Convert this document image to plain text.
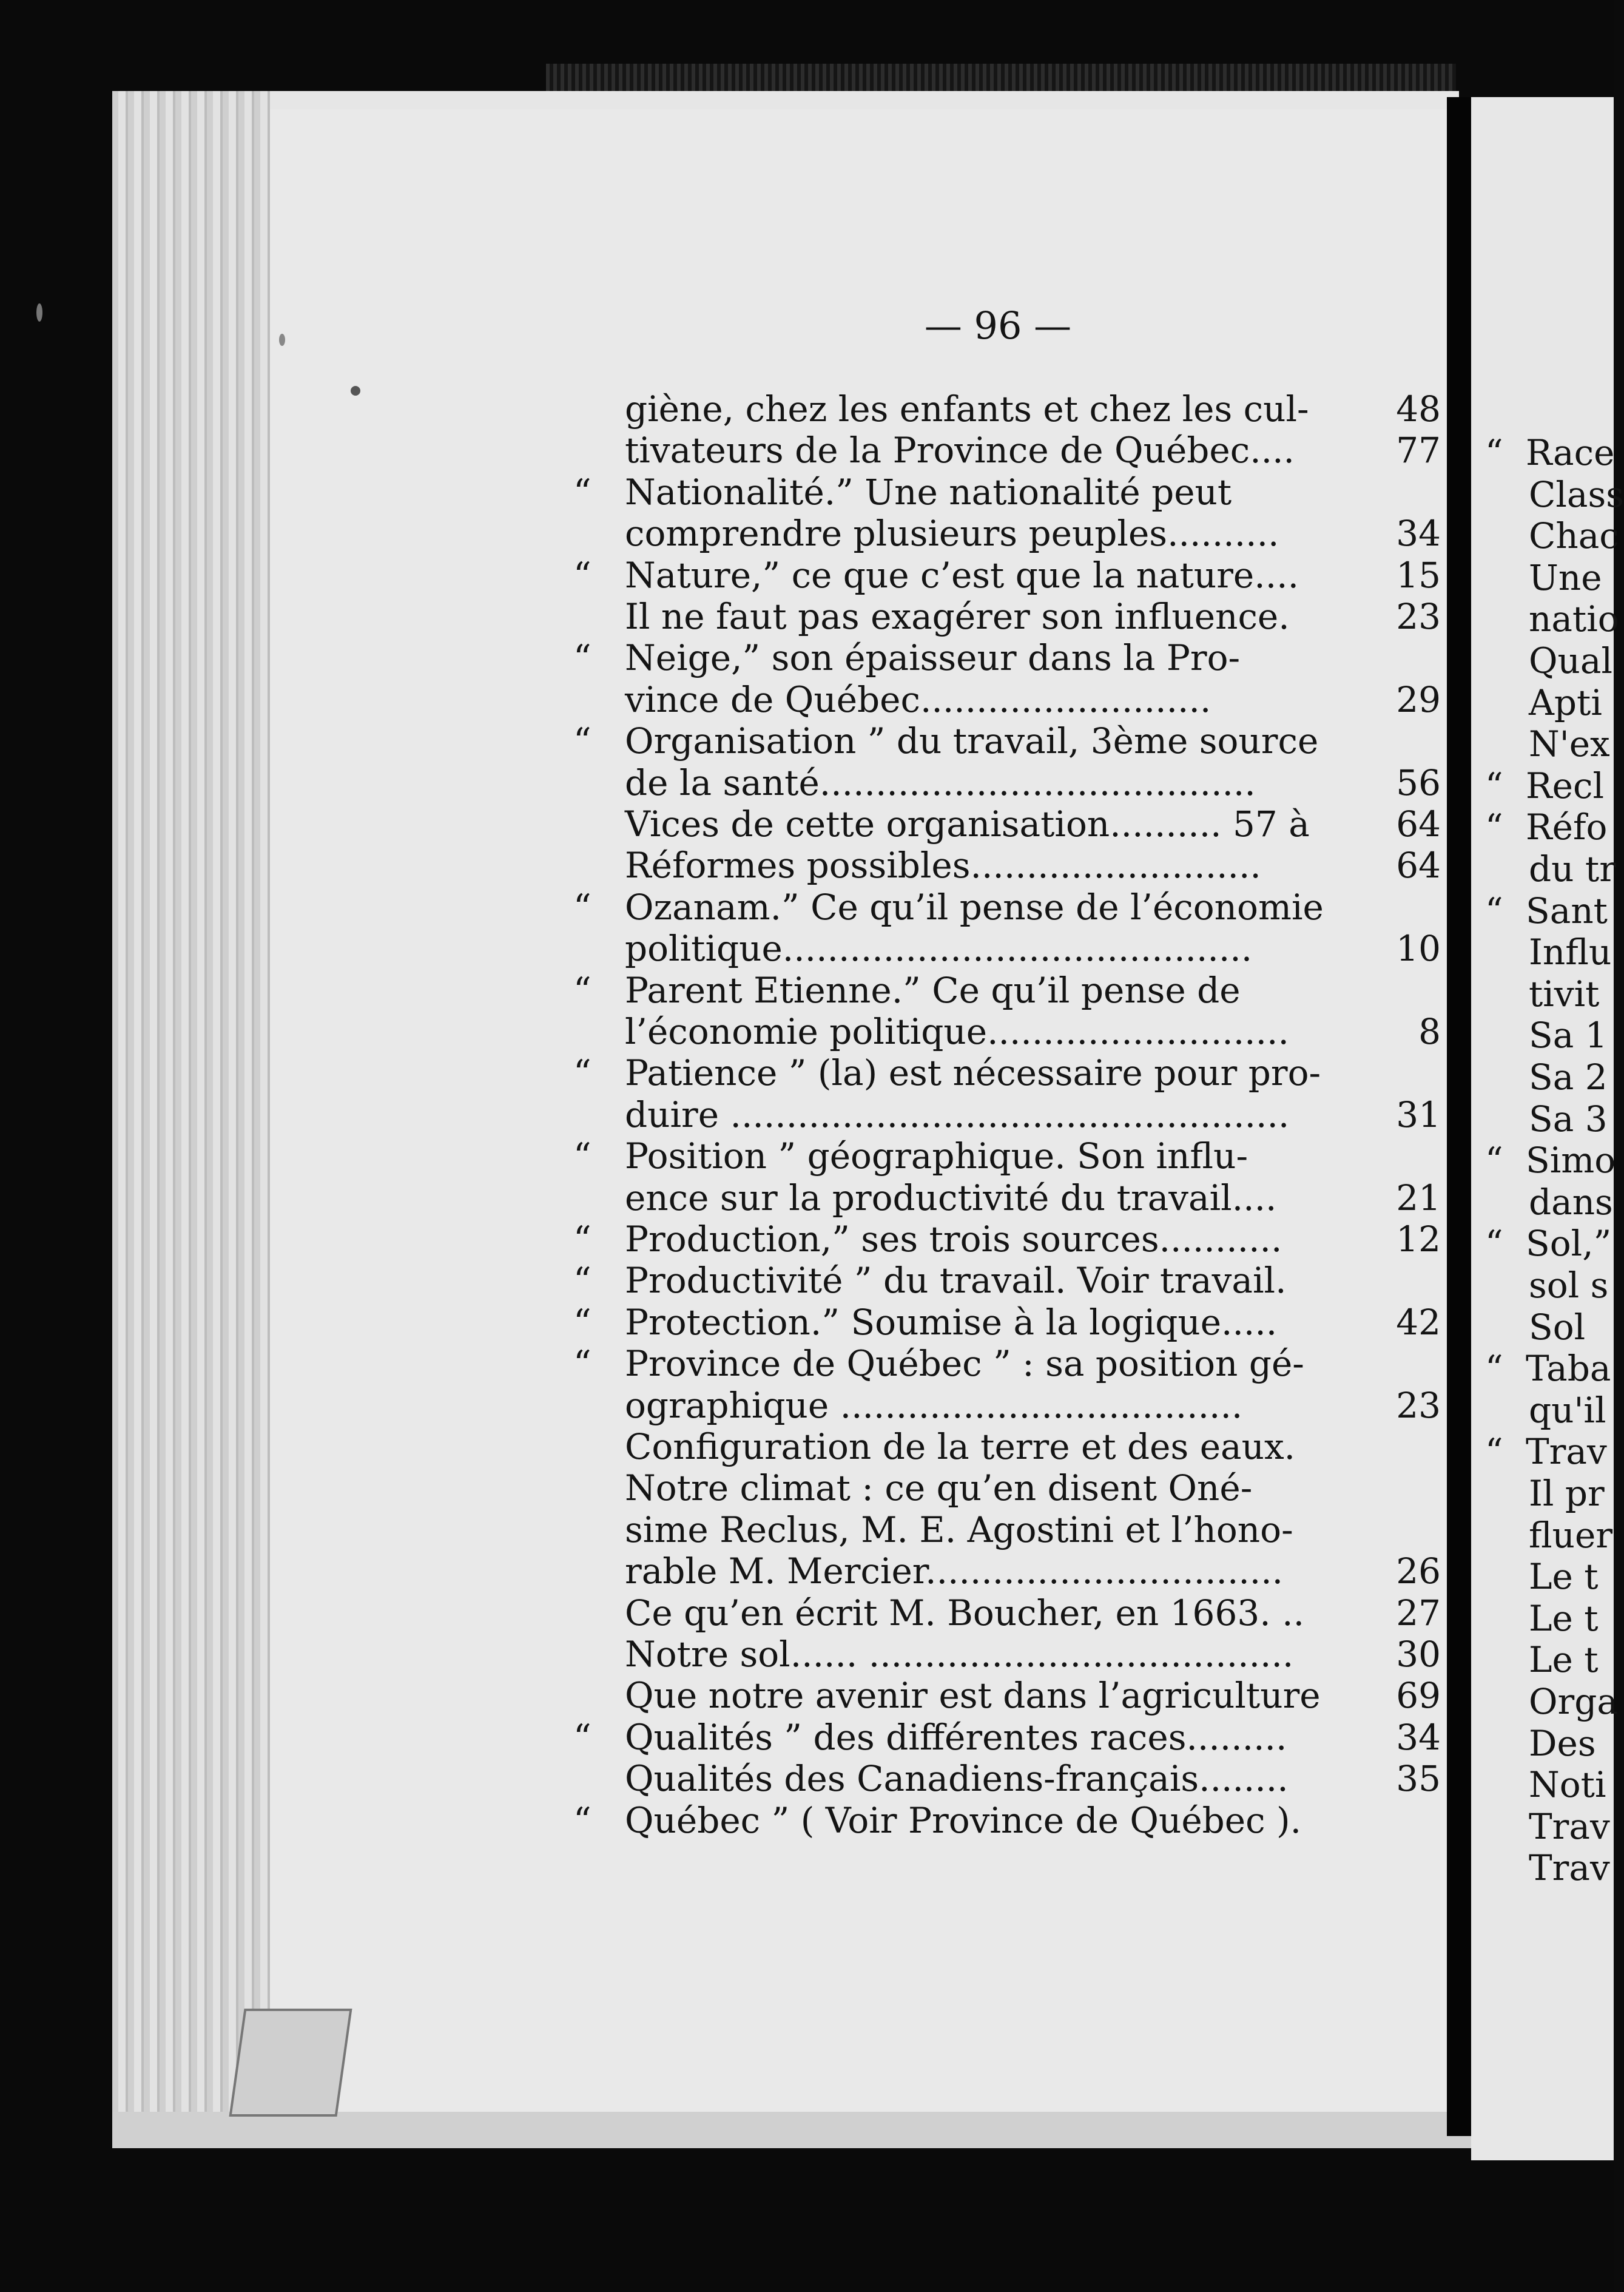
— 96 —
giène, chez les enfants et chez les cul-	48
tivateurs de la Province de Québec....	77
“ Nationalité.” Une nationalité peut
comprendre plusieurs peuples..........	34
“ Nature,” ce que c’est que la nature....	15
Il ne faut pas exagérer son influence.	23
“ Neige,” son épaisseur dans la Pro-
vince de Québec..........................	29
“ Organisation ” du travail, 3ème source
de la santé.......................................	56
Vices de cette organisation.......... 57 à	64
Réformes possibles..........................	64
“ Ozanam.” Ce qu’il pense de l’économie
politique..........................................	10
“ Parent Etienne.” Ce qu’il pense de
l’économie politique...........................	8
“ Patience ” (la) est nécessaire pour pro-
duire ..................................................	31
“ Position ” géographique. Son influ-
ence sur la productivité du travail....	21
“ Production,” ses trois sources...........	12
“ Productivité ” du travail. Voir travail.
“ Protection.” Soumise à la logique.....	42
“ Province de Québec ” : sa position gé-
ographique ....................................	23
Configuration de la terre et des eaux.
Notre climat : ce qu’en disent Oné-
sime Reclus, M. E. Agostini et l’hono-
rable M. Mercier................................	26
Ce qu’en écrit M. Boucher, en 1663. ..	27
Notre sol...... ......................................	30
Que notre avenir est dans l’agriculture	69
“ Qualités ” des différentes races.........	34
Qualités des Canadiens-français........	35
“ Québec ” ( Voir Province de Québec ).
“ Race
Class
Chac
Une
natio
Qual
Apti
N'ex
“ Recl
“ Réfo
du tr
“ Sant
Influ
tivit
Sa 1
Sa 2
Sa 3
“ Simo
dans
“ Sol,”
sol s
Sol
“ Taba
qu'il
“ Trav
Il pr
fluer
Le t
Le t
Le t
Orga
Des
Noti
Trav
Trav
